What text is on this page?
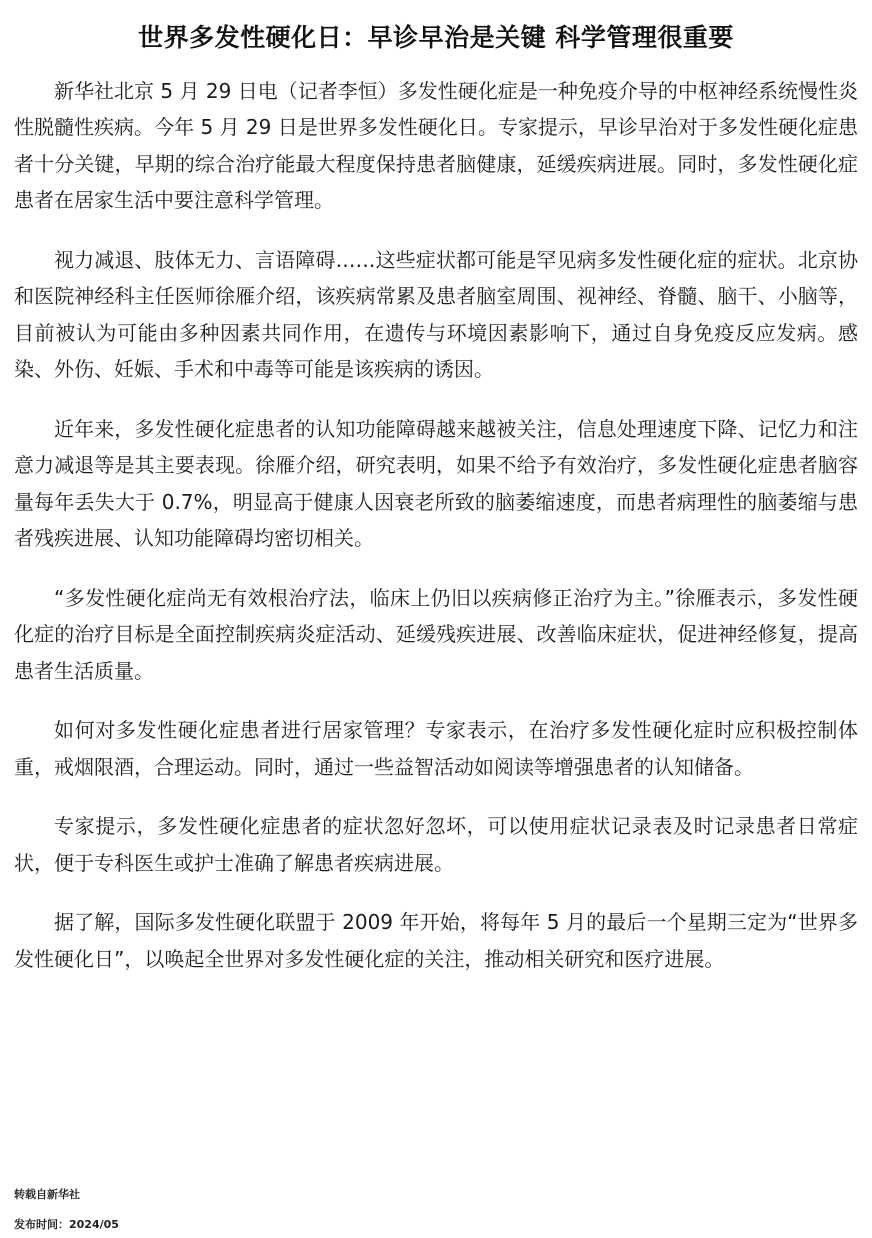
世界多发性硬化日：早诊早治是关键 科学管理很重要

新华社北京 5 月 29 日电（记者李恒）多发性硬化症是一种免疫介导的中枢神经系统慢性炎性脱髓性疾病。今年 5 月 29 日是世界多发性硬化日。专家提示，早诊早治对于多发性硬化症患者十分关键，早期的综合治疗能最大程度保持患者脑健康，延缓疾病进展。同时，多发性硬化症患者在居家生活中要注意科学管理。

视力减退、肢体无力、言语障碍……这些症状都可能是罕见病多发性硬化症的症状。北京协和医院神经科主任医师徐雁介绍，该疾病常累及患者脑室周围、视神经、脊髓、脑干、小脑等，目前被认为可能由多种因素共同作用，在遗传与环境因素影响下，通过自身免疫反应发病。感染、外伤、妊娠、手术和中毒等可能是该疾病的诱因。

近年来，多发性硬化症患者的认知功能障碍越来越被关注，信息处理速度下降、记忆力和注意力减退等是其主要表现。徐雁介绍，研究表明，如果不给予有效治疗，多发性硬化症患者脑容量每年丢失大于 0.7%，明显高于健康人因衰老所致的脑萎缩速度，而患者病理性的脑萎缩与患者残疾进展、认知功能障碍均密切相关。

“多发性硬化症尚无有效根治疗法，临床上仍旧以疾病修正治疗为主。”徐雁表示，多发性硬化症的治疗目标是全面控制疾病炎症活动、延缓残疾进展、改善临床症状，促进神经修复，提高患者生活质量。

如何对多发性硬化症患者进行居家管理？专家表示，在治疗多发性硬化症时应积极控制体重，戒烟限酒，合理运动。同时，通过一些益智活动如阅读等增强患者的认知储备。

专家提示，多发性硬化症患者的症状忽好忽坏，可以使用症状记录表及时记录患者日常症状，便于专科医生或护士准确了解患者疾病进展。

据了解，国际多发性硬化联盟于 2009 年开始，将每年 5 月的最后一个星期三定为“世界多发性硬化日”，以唤起全世界对多发性硬化症的关注，推动相关研究和医疗进展。

转载自新华社
发布时间：2024/05
